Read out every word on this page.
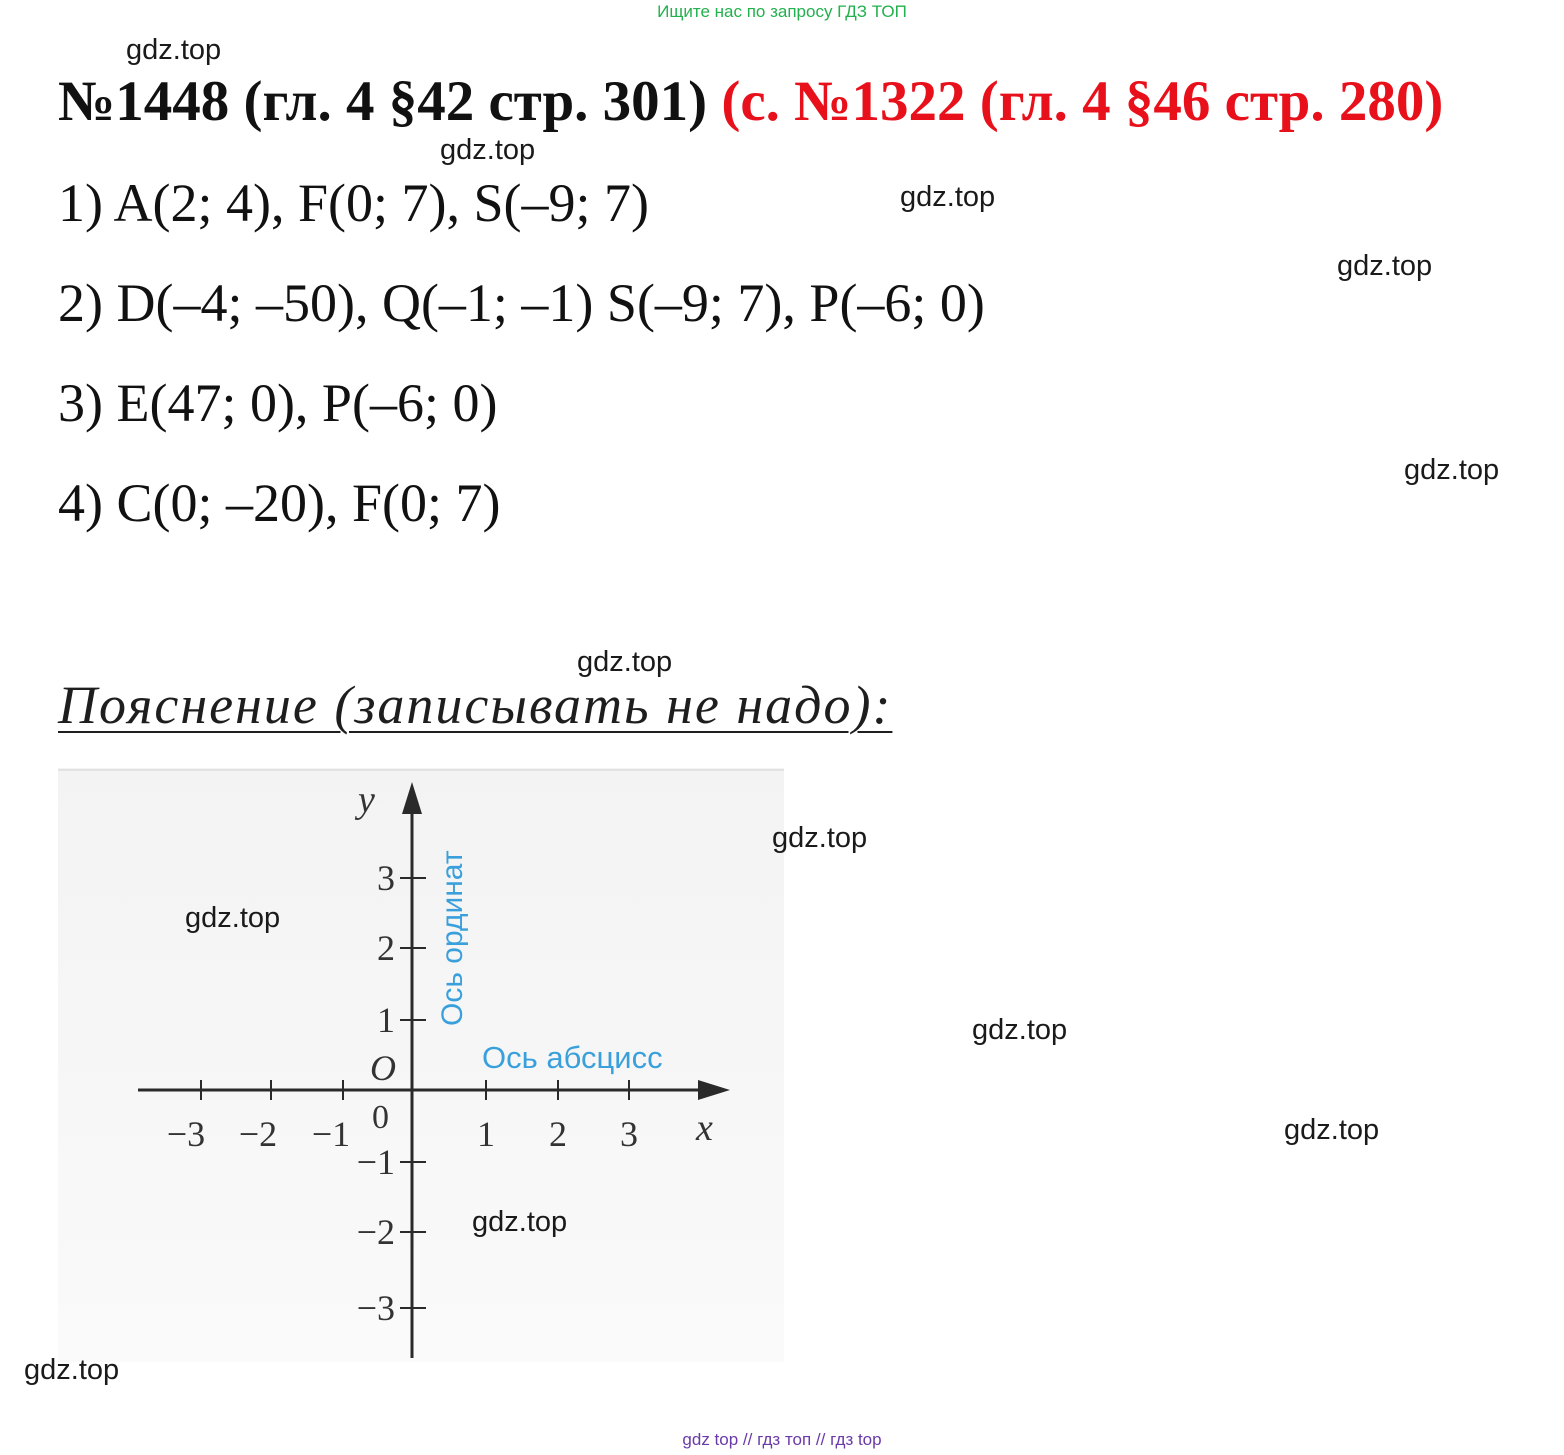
Ищите нас по запросу ГДЗ ТОП
gdz.top
№1448 (гл. 4 §42 стр. 301) (с. №1322 (гл. 4 §46 стр. 280)
gdz.top
gdz.top
gdz.top
1) A(2; 4), F(0; 7), S(–9; 7)
2) D(–4; –50), Q(–1; –1) S(–9; 7), P(–6; 0)
3) E(47; 0), P(–6; 0)
4) C(0; –20), F(0; 7)
gdz.top
gdz.top
Пояснение (записывать не надо):
−3 −2 −1	1 2 3
3
2
1
−1
−2
−3
O
0
y
x
Ось ординат
Ось абсцисс
gdz.top
gdz.top
gdz.top
gdz.top
gdz.top
gdz.top
gdz top // гдз топ // гдз top
